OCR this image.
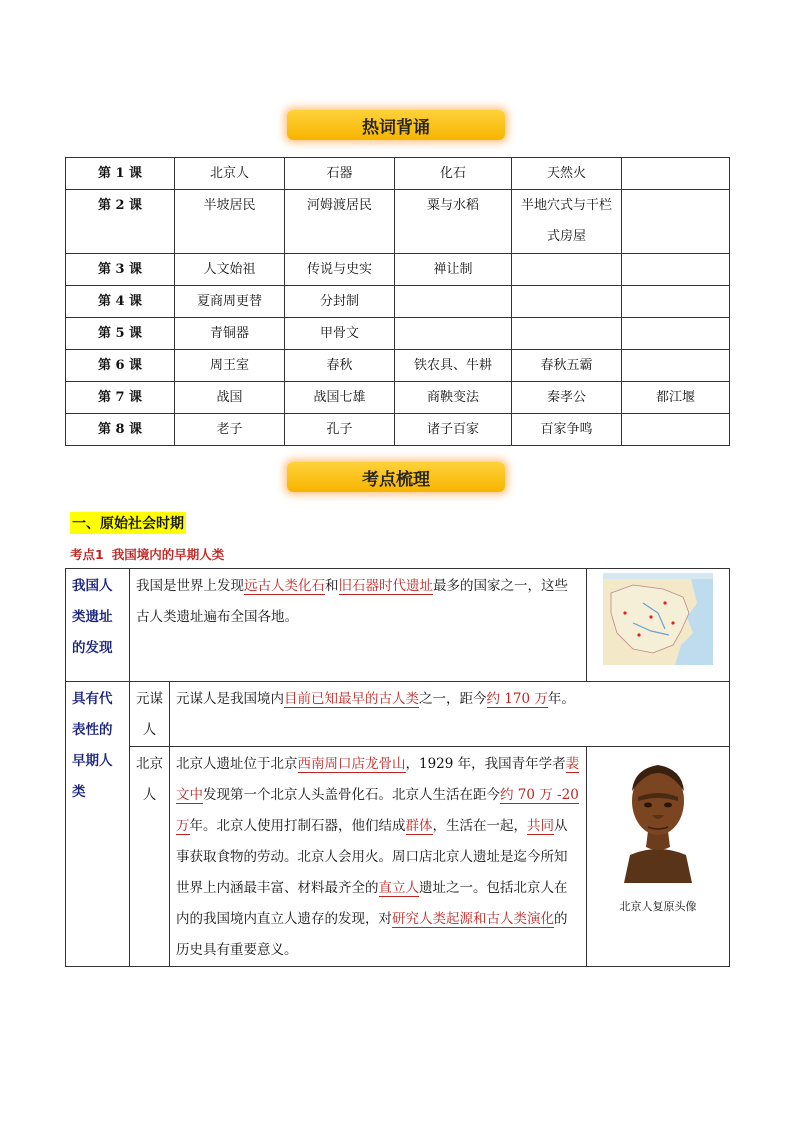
热词背诵
第 1 课	北京人	石器	化石	天然火	
第 2 课	半坡居民	河姆渡居民	粟与水稻	半地穴式与干栏式房屋	
第 3 课	人文始祖	传说与史实	禅让制		
第 4 课	夏商周更替	分封制			
第 5 课	青铜器	甲骨文			
第 6 课	周王室	春秋	铁农具、牛耕	春秋五霸	
第 7 课	战国	战国七雄	商鞅变法	秦孝公	都江堰
第 8 课	老子	孔子	诸子百家	百家争鸣	
考点梳理
一、原始社会时期
考点1 我国境内的早期人类
我国人类遗址的发现	我国是世界上发现远古人类化石和旧石器时代遗址最多的国家之一，这些古人类遗址遍布全国各地。	
具有代表性的早期人类	元谋人	元谋人是我国境内目前已知最早的古人类之一，距今约 170 万年。	
	北京人	北京人遗址位于北京西南周口店龙骨山，1929 年，我国青年学者裴文中发现第一个北京人头盖骨化石。北京人生活在距今约 70 万 -20 万年。北京人使用打制石器，他们结成群体，生活在一起，共同从事获取食物的劳动。北京人会用火。周口店北京人遗址是迄今所知世界上内涵最丰富、材料最齐全的直立人遗址之一。包括北京人在内的我国境内直立人遗存的发现，对研究人类起源和古人类演化的历史具有重要意义。	北京人复原头像
